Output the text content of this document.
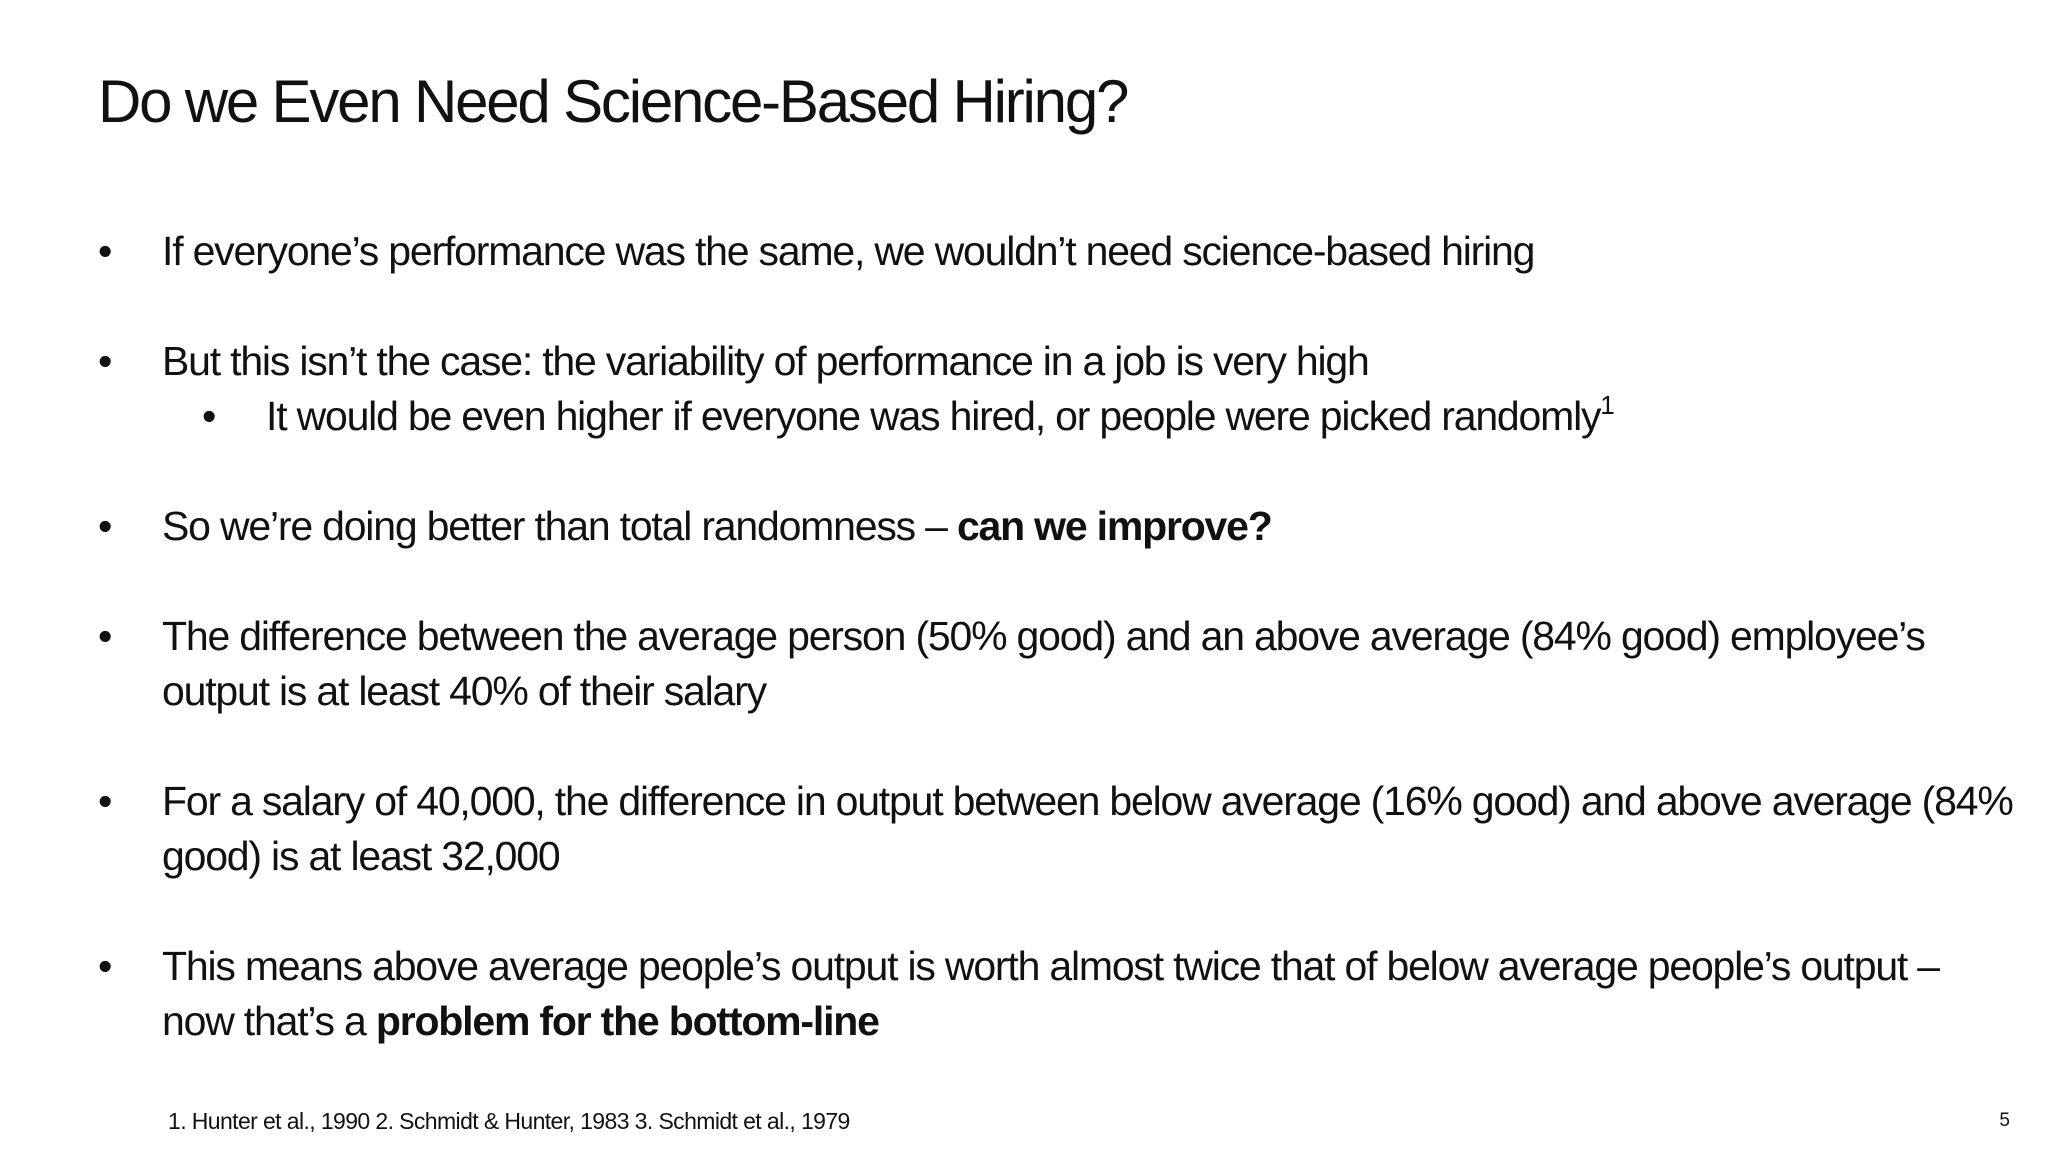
Do we Even Need Science-Based Hiring?
• If everyone’s performance was the same, we wouldn’t need science-based hiring
• But this isn’t the case: the variability of performance in a job is very high
• It would be even higher if everyone was hired, or people were picked randomly$^1$
• So we’re doing better than total randomness – can we improve?
• The difference between the average person (50% good) and an above average (84% good) employee’s
output is at least 40% of their salary
• For a salary of 40,000, the difference in output between below average (16% good) and above average (84%
good) is at least 32,000
• This means above average people’s output is worth almost twice that of below average people’s output –
now that’s a problem for the bottom-line
1. Hunter et al., 1990 2. Schmidt & Hunter, 1983 3. Schmidt et al., 1979	5
